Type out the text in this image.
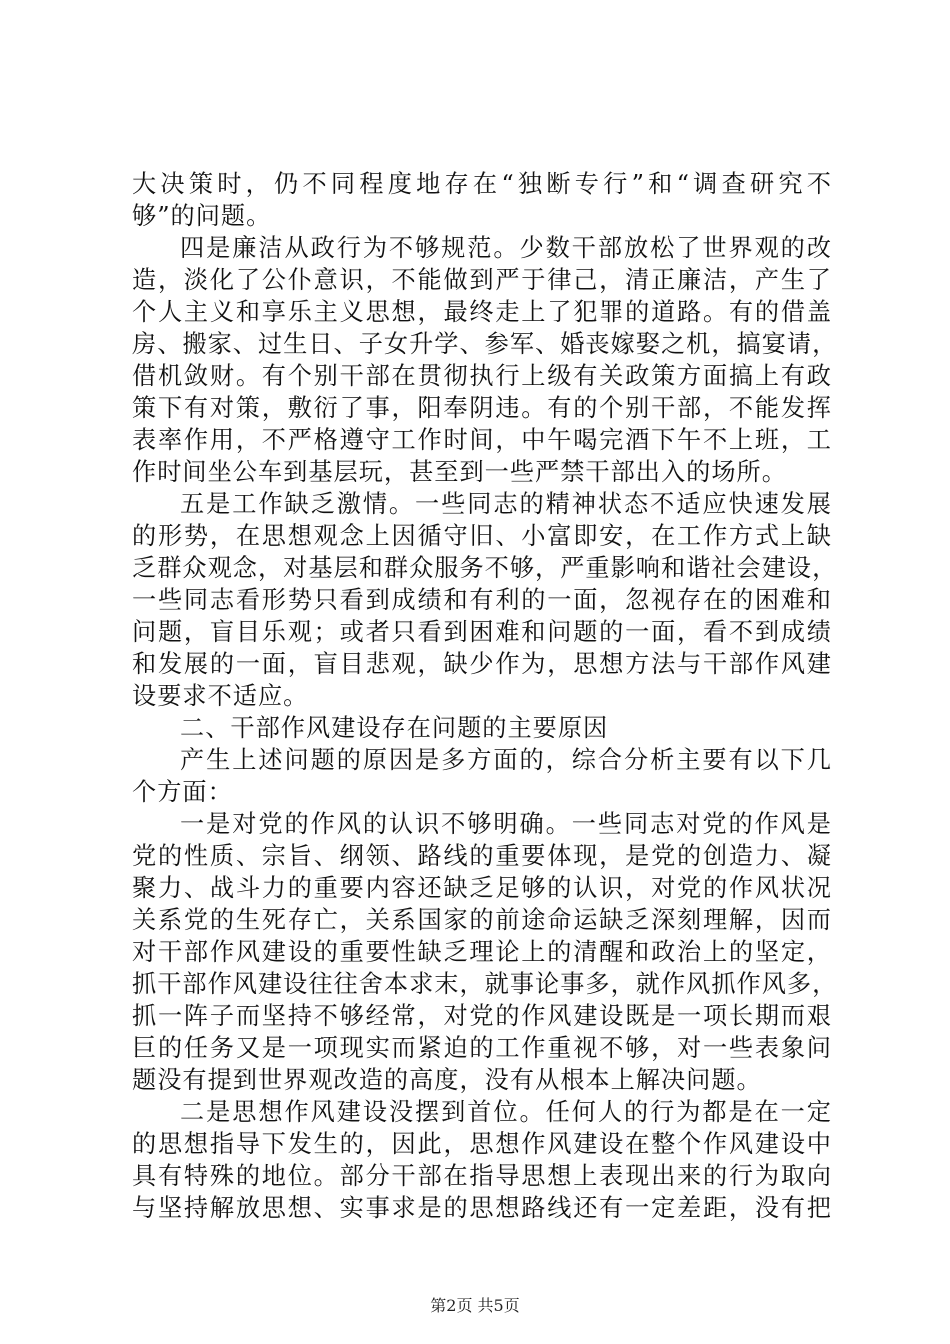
大决策时，仍不同程度地存在“独断专行”和“调查研究不
够”的问题。
四是廉洁从政行为不够规范。少数干部放松了世界观的改
造，淡化了公仆意识，不能做到严于律己，清正廉洁，产生了
个人主义和享乐主义思想，最终走上了犯罪的道路。有的借盖
房、搬家、过生日、子女升学、参军、婚丧嫁娶之机，搞宴请，
借机敛财。有个别干部在贯彻执行上级有关政策方面搞上有政
策下有对策，敷衍了事，阳奉阴违。有的个别干部，不能发挥
表率作用，不严格遵守工作时间，中午喝完酒下午不上班，工
作时间坐公车到基层玩，甚至到一些严禁干部出入的场所。
五是工作缺乏激情。一些同志的精神状态不适应快速发展
的形势，在思想观念上因循守旧、小富即安，在工作方式上缺
乏群众观念，对基层和群众服务不够，严重影响和谐社会建设，
一些同志看形势只看到成绩和有利的一面，忽视存在的困难和
问题，盲目乐观；或者只看到困难和问题的一面，看不到成绩
和发展的一面，盲目悲观，缺少作为，思想方法与干部作风建
设要求不适应。
二、干部作风建设存在问题的主要原因
产生上述问题的原因是多方面的，综合分析主要有以下几
个方面：
一是对党的作风的认识不够明确。一些同志对党的作风是
党的性质、宗旨、纲领、路线的重要体现，是党的创造力、凝
聚力、战斗力的重要内容还缺乏足够的认识，对党的作风状况
关系党的生死存亡，关系国家的前途命运缺乏深刻理解，因而
对干部作风建设的重要性缺乏理论上的清醒和政治上的坚定，
抓干部作风建设往往舍本求末，就事论事多，就作风抓作风多，
抓一阵子而坚持不够经常，对党的作风建设既是一项长期而艰
巨的任务又是一项现实而紧迫的工作重视不够，对一些表象问
题没有提到世界观改造的高度，没有从根本上解决问题。
二是思想作风建设没摆到首位。任何人的行为都是在一定
的思想指导下发生的，因此，思想作风建设在整个作风建设中
具有特殊的地位。部分干部在指导思想上表现出来的行为取向
与坚持解放思想、实事求是的思想路线还有一定差距，没有把
第2页 共5页
